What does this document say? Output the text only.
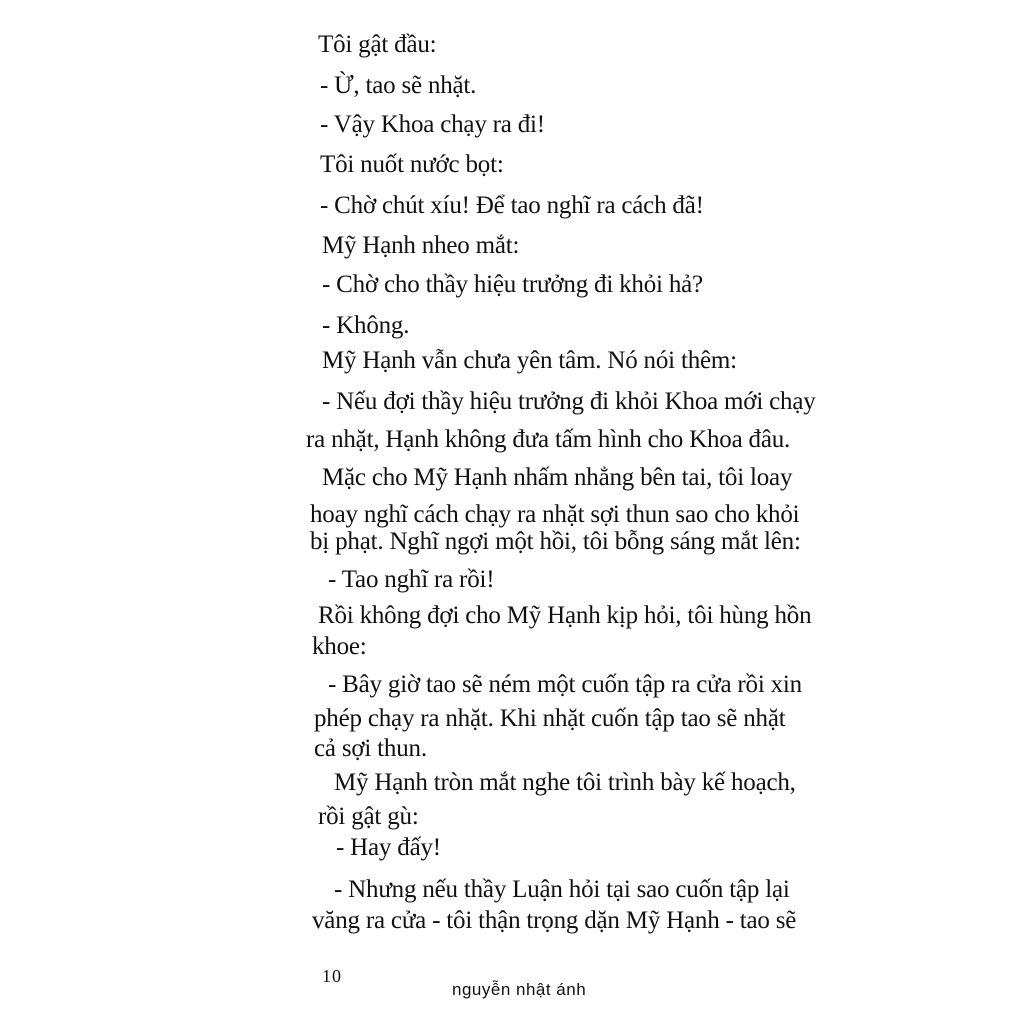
Tôi gật đầu:
- Ừ, tao sẽ nhặt.
- Vậy Khoa chạy ra đi!
Tôi nuốt nước bọt:
- Chờ chút xíu! Để tao nghĩ ra cách đã!
Mỹ Hạnh nheo mắt:
- Chờ cho thầy hiệu trưởng đi khỏi hả?
- Không.
Mỹ Hạnh vẫn chưa yên tâm. Nó nói thêm:
- Nếu đợi thầy hiệu trưởng đi khỏi Khoa mới chạy
ra nhặt, Hạnh không đưa tấm hình cho Khoa đâu.
Mặc cho Mỹ Hạnh nhấm nhẳng bên tai, tôi loay
hoay nghĩ cách chạy ra nhặt sợi thun sao cho khỏi
bị phạt. Nghĩ ngợi một hồi, tôi bỗng sáng mắt lên:
- Tao nghĩ ra rồi!
Rồi không đợi cho Mỹ Hạnh kịp hỏi, tôi hùng hồn
khoe:
- Bây giờ tao sẽ ném một cuốn tập ra cửa rồi xin
phép chạy ra nhặt. Khi nhặt cuốn tập tao sẽ nhặt
cả sợi thun.
Mỹ Hạnh tròn mắt nghe tôi trình bày kế hoạch,
rồi gật gù:
- Hay đấy!
- Nhưng nếu thầy Luận hỏi tại sao cuốn tập lại
văng ra cửa - tôi thận trọng dặn Mỹ Hạnh - tao sẽ
10
nguyễn nhật ánh
